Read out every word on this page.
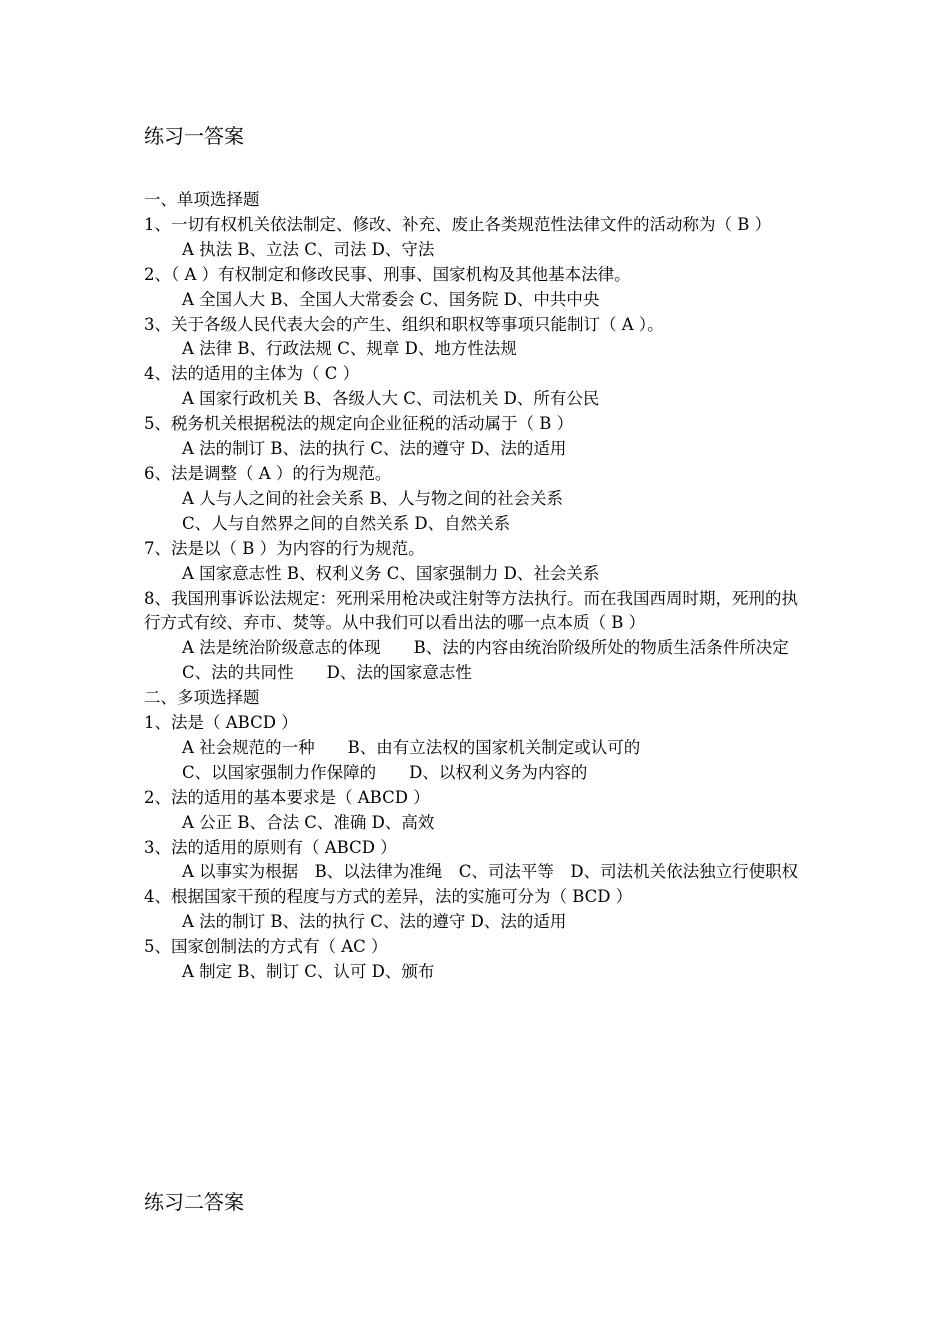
练习一答案
一、单项选择题
1、一切有权机关依法制定、修改、补充、废止各类规范性法律文件的活动称为（ B ）
A 执法 B、立法 C、司法 D、守法
2、（ A ）有权制定和修改民事、刑事、国家机构及其他基本法律。
A 全国人大 B、全国人大常委会 C、国务院 D、中共中央
3、关于各级人民代表大会的产生、组织和职权等事项只能制订（ A ）。
A 法律 B、行政法规 C、规章 D、地方性法规
4、法的适用的主体为（ C ）
A 国家行政机关 B、各级人大 C、司法机关 D、所有公民
5、税务机关根据税法的规定向企业征税的活动属于（ B ）
A 法的制订 B、法的执行 C、法的遵守 D、法的适用
6、法是调整（ A ）的行为规范。
A 人与人之间的社会关系 B、人与物之间的社会关系
C、人与自然界之间的自然关系 D、自然关系
7、法是以（ B ）为内容的行为规范。
A 国家意志性 B、权利义务 C、国家强制力 D、社会关系
8、我国刑事诉讼法规定：死刑采用枪决或注射等方法执行。而在我国西周时期，死刑的执行方式有绞、弃市、焚等。从中我们可以看出法的哪一点本质（ B ）
A 法是统治阶级意志的体现　　B、法的内容由统治阶级所处的物质生活条件所决定
C、法的共同性　　D、法的国家意志性
二、多项选择题
1、法是（ ABCD ）
A 社会规范的一种　　B、由有立法权的国家机关制定或认可的
C、以国家强制力作保障的　　D、以权利义务为内容的
2、法的适用的基本要求是（ ABCD ）
A 公正 B、合法 C、准确 D、高效
3、法的适用的原则有（ ABCD ）
A 以事实为根据　B、以法律为准绳　C、司法平等　D、司法机关依法独立行使职权
4、根据国家干预的程度与方式的差异，法的实施可分为（ BCD ）
A 法的制订 B、法的执行 C、法的遵守 D、法的适用
5、国家创制法的方式有（ AC ）
A 制定 B、制订 C、认可 D、颁布
练习二答案
